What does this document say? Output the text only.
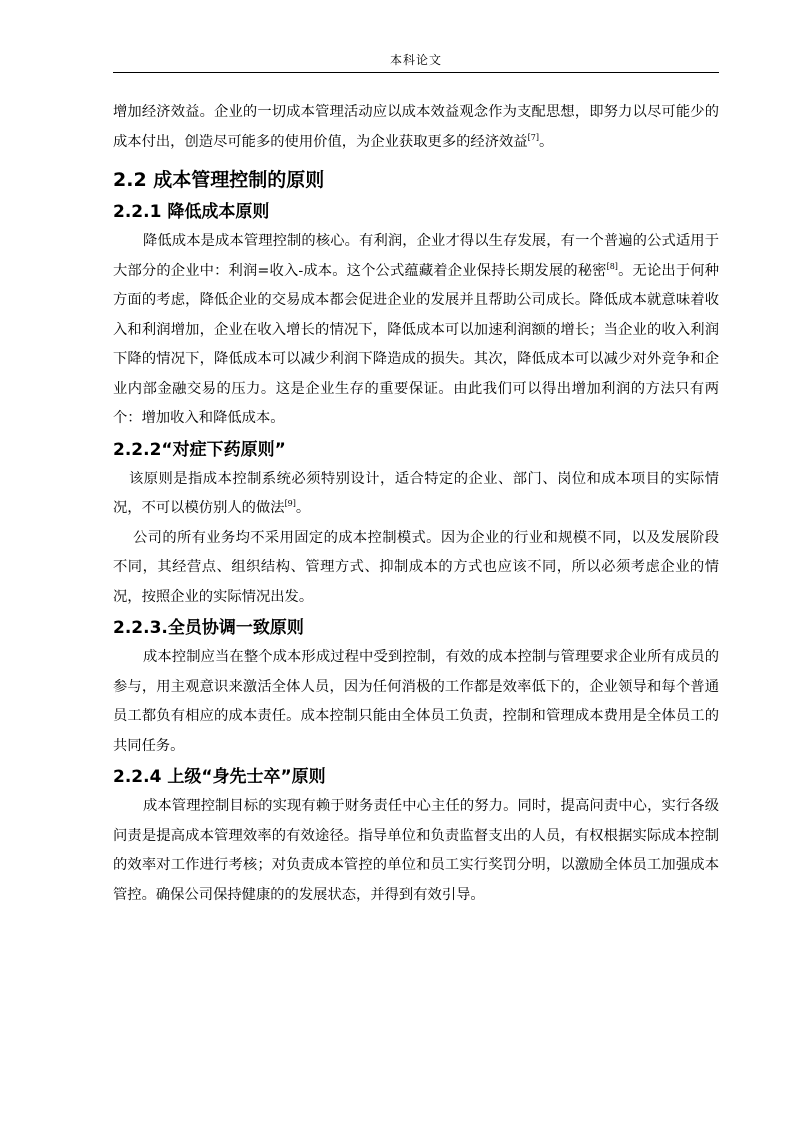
本科论文

增加经济效益。企业的一切成本管理活动应以成本效益观念作为支配思想，即努力以尽可能少的成本付出，创造尽可能多的使用价值，为企业获取更多的经济效益[7]。

2.2 成本管理控制的原则
2.2.1 降低成本原则

降低成本是成本管理控制的核心。有利润，企业才得以生存发展，有一个普遍的公式适用于大部分的企业中：利润=收入-成本。这个公式蕴藏着企业保持长期发展的秘密[8]。无论出于何种方面的考虑，降低企业的交易成本都会促进企业的发展并且帮助公司成长。降低成本就意味着收入和利润增加，企业在收入增长的情况下，降低成本可以加速利润额的增长；当企业的收入利润下降的情况下，降低成本可以减少利润下降造成的损失。其次，降低成本可以减少对外竞争和企业内部金融交易的压力。这是企业生存的重要保证。由此我们可以得出增加利润的方法只有两个：增加收入和降低成本。

2.2.2“对症下药原则”

该原则是指成本控制系统必须特别设计，适合特定的企业、部门、岗位和成本项目的实际情况，不可以模仿别人的做法[9]。

公司的所有业务均不采用固定的成本控制模式。因为企业的行业和规模不同，以及发展阶段不同，其经营点、组织结构、管理方式、抑制成本的方式也应该不同，所以必须考虑企业的情况，按照企业的实际情况出发。

2.2.3.全员协调一致原则

成本控制应当在整个成本形成过程中受到控制，有效的成本控制与管理要求企业所有成员的参与，用主观意识来激活全体人员，因为任何消极的工作都是效率低下的，企业领导和每个普通员工都负有相应的成本责任。成本控制只能由全体员工负责，控制和管理成本费用是全体员工的共同任务。

2.2.4 上级“身先士卒”原则

成本管理控制目标的实现有赖于财务责任中心主任的努力。同时，提高问责中心，实行各级问责是提高成本管理效率的有效途径。指导单位和负责监督支出的人员，有权根据实际成本控制的效率对工作进行考核；对负责成本管控的单位和员工实行奖罚分明，以激励全体员工加强成本管控。确保公司保持健康的的发展状态，并得到有效引导。
